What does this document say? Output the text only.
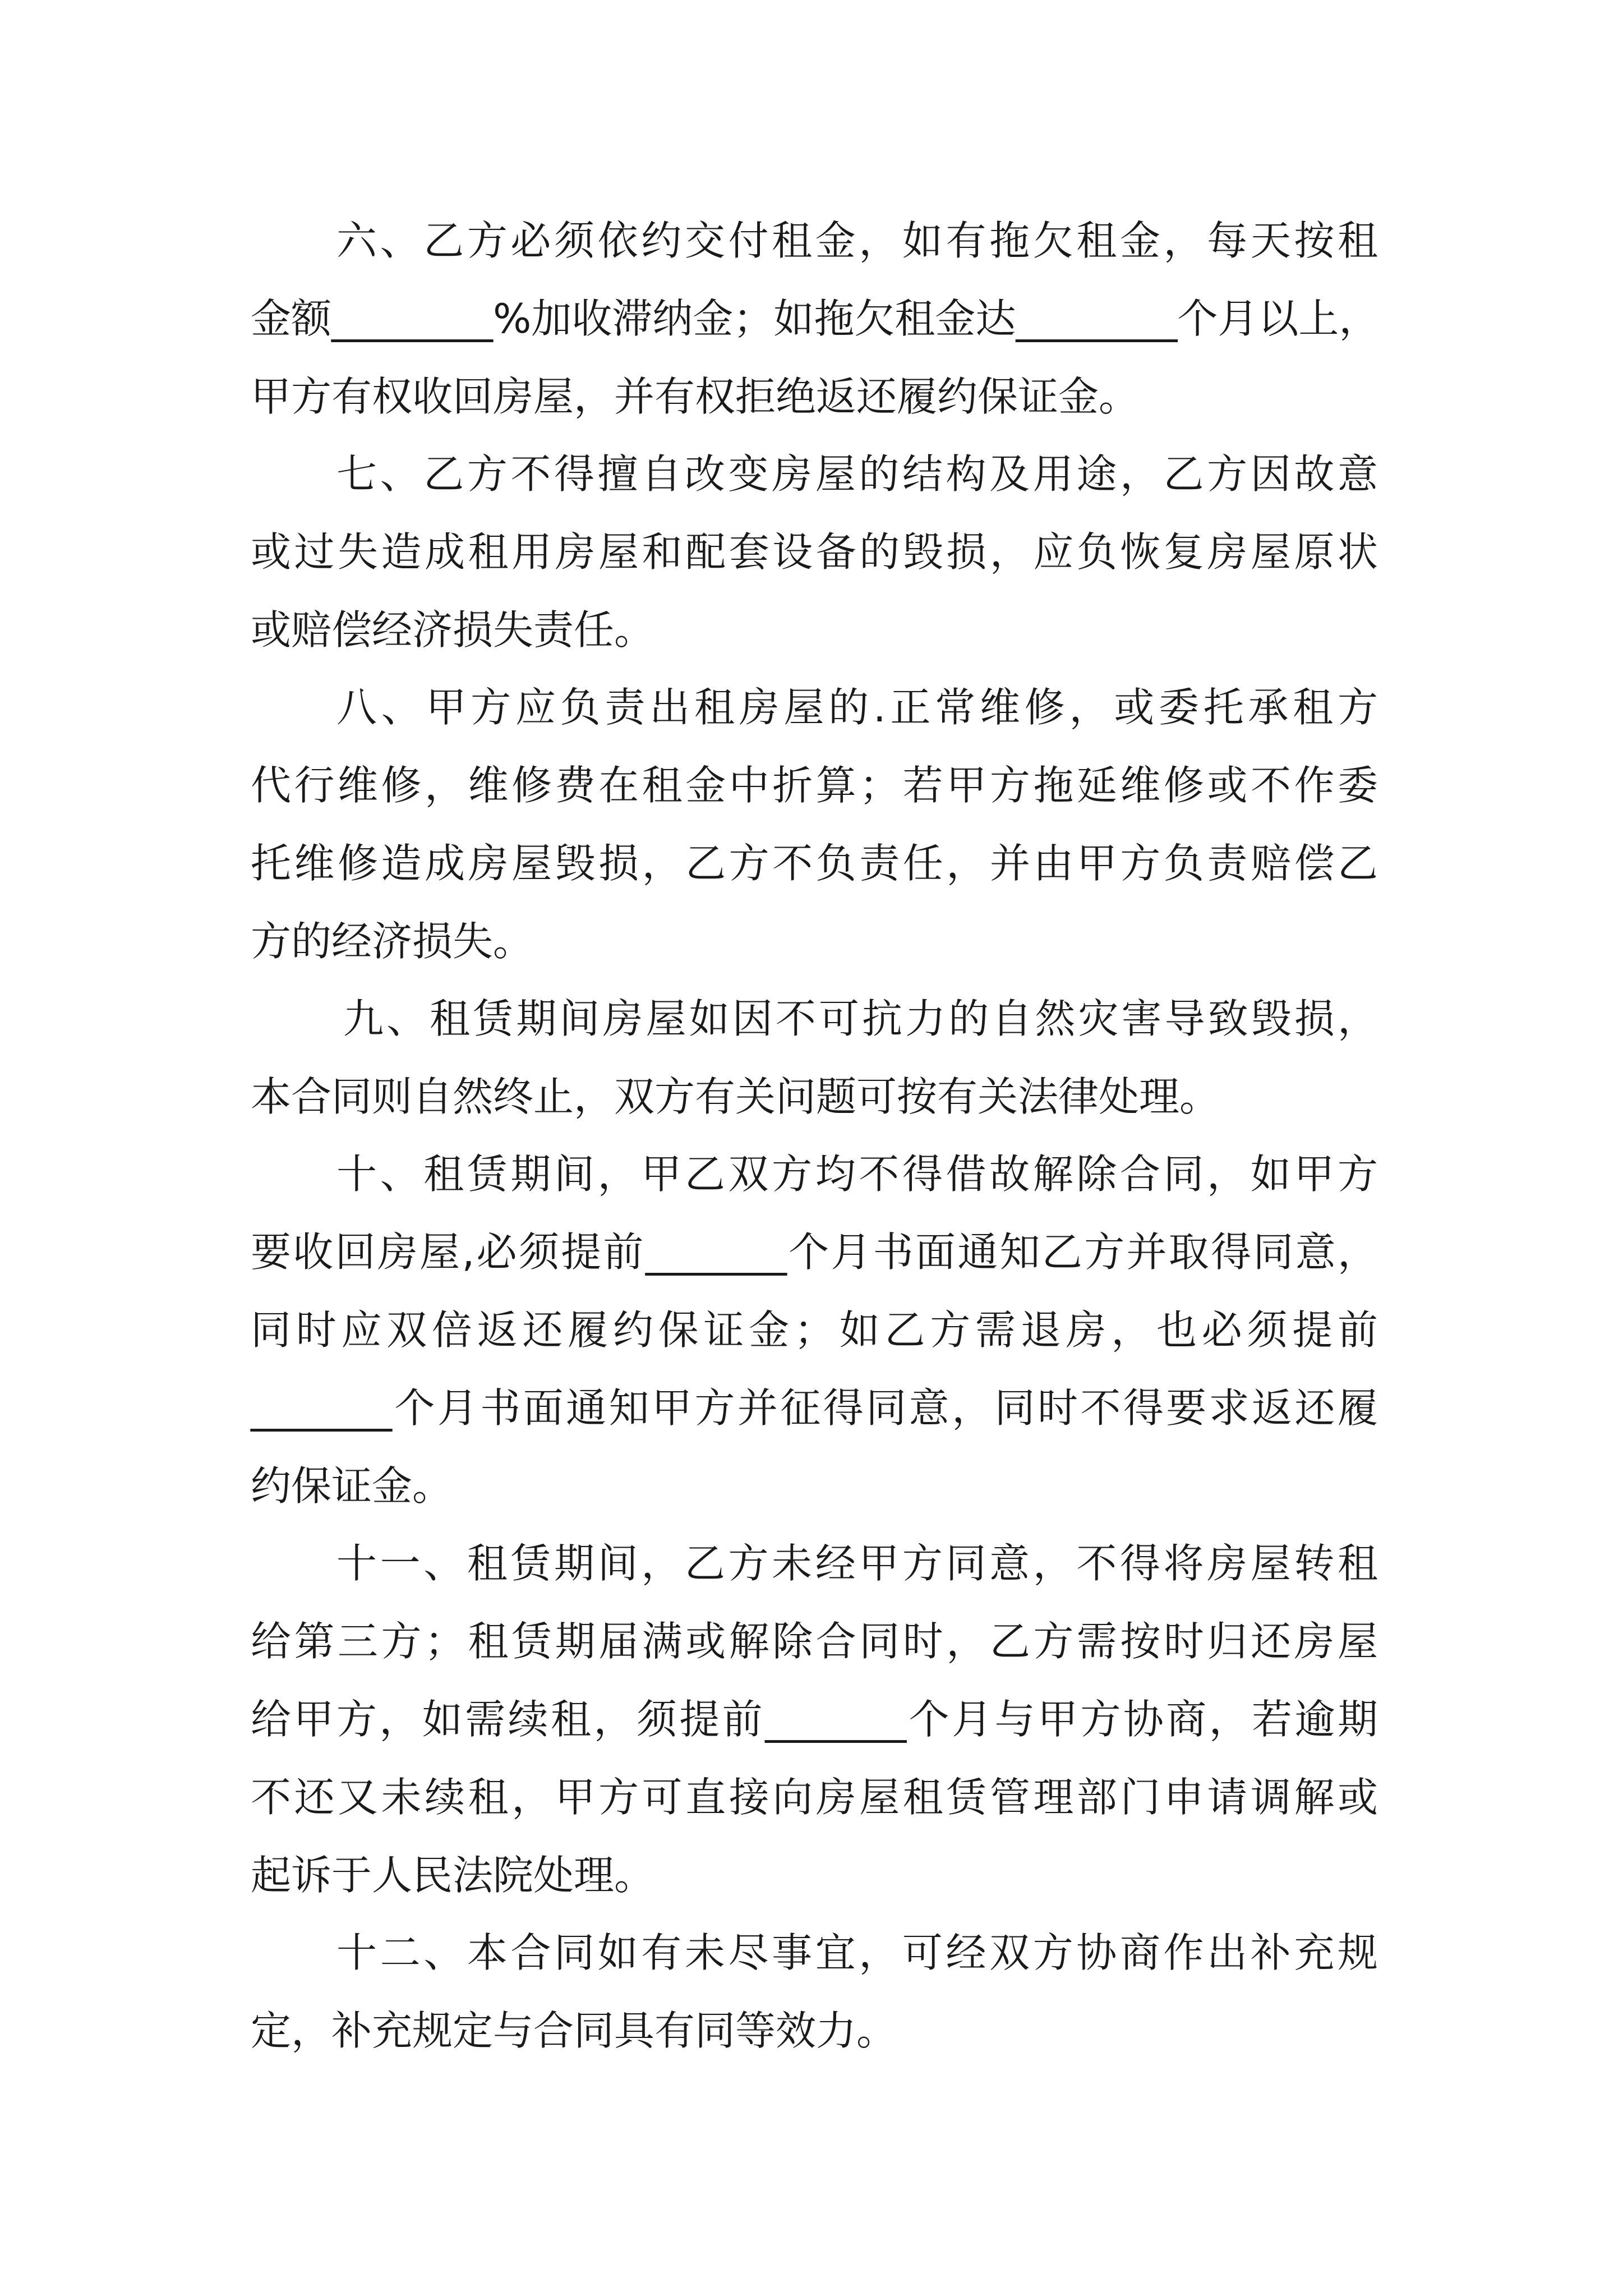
六、乙方必须依约交付租金，如有拖欠租金，每天按租
金额________%加收滞纳金；如拖欠租金达________个月以上，
甲方有权收回房屋，并有权拒绝返还履约保证金。
七、乙方不得擅自改变房屋的结构及用途，乙方因故意
或过失造成租用房屋和配套设备的毁损，应负恢复房屋原状
或赔偿经济损失责任。
八、甲方应负责出租房屋的.正常维修，或委托承租方
代行维修，维修费在租金中折算；若甲方拖延维修或不作委
托维修造成房屋毁损，乙方不负责任，并由甲方负责赔偿乙
方的经济损失。
九、租赁期间房屋如因不可抗力的自然灾害导致毁损，
本合同则自然终止，双方有关问题可按有关法律处理。
十、租赁期间，甲乙双方均不得借故解除合同，如甲方
要收回房屋,必须提前_______个月书面通知乙方并取得同意，
同时应双倍返还履约保证金；如乙方需退房，也必须提前
_______个月书面通知甲方并征得同意，同时不得要求返还履
约保证金。
十一、租赁期间，乙方未经甲方同意，不得将房屋转租
给第三方；租赁期届满或解除合同时，乙方需按时归还房屋
给甲方，如需续租，须提前_______个月与甲方协商，若逾期
不还又未续租，甲方可直接向房屋租赁管理部门申请调解或
起诉于人民法院处理。
十二、本合同如有未尽事宜，可经双方协商作出补充规
定，补充规定与合同具有同等效力。
